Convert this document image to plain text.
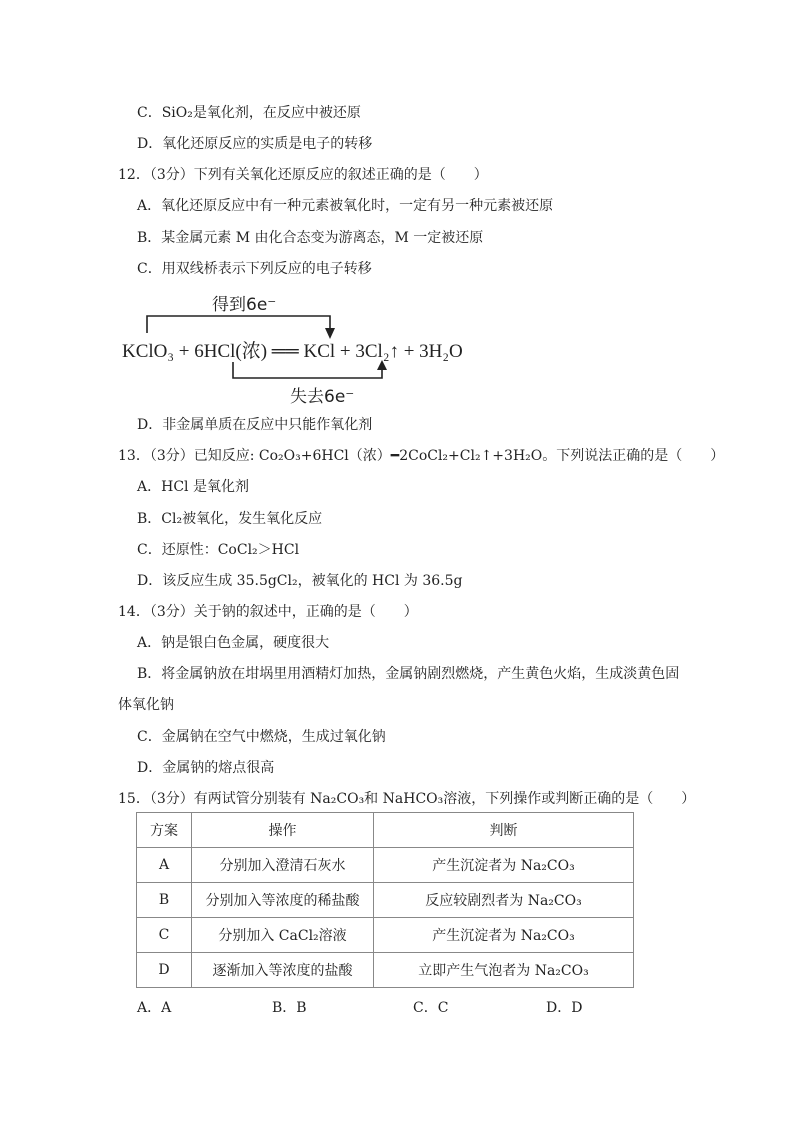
C．SiO₂是氧化剂，在反应中被还原
D．氧化还原反应的实质是电子的转移
12．（3分）下列有关氧化还原反应的叙述正确的是（　　）
A．氧化还原反应中有一种元素被氧化时，一定有另一种元素被还原
B．某金属元素 M 由化合态变为游离态，M 一定被还原
C．用双线桥表示下列反应的电子转移
得到6e⁻
KClO₃ + 6HCl(浓) ══ KCl + 3Cl₂↑ + 3H₂O
失去6e⁻
D．非金属单质在反应中只能作氧化剂
13．（3分）已知反应: Co₂O₃+6HCl（浓）━2CoCl₂+Cl₂↑+3H₂O。下列说法正确的是（　　）
A．HCl 是氧化剂
B．Cl₂被氧化，发生氧化反应
C．还原性：CoCl₂＞HCl
D．该反应生成 35.5gCl₂，被氧化的 HCl 为 36.5g
14．（3分）关于钠的叙述中，正确的是（　　）
A．钠是银白色金属，硬度很大
B．将金属钠放在坩埚里用酒精灯加热，金属钠剧烈燃烧，产生黄色火焰，生成淡黄色固
体氧化钠
C．金属钠在空气中燃烧，生成过氧化钠
D．金属钠的熔点很高
15．（3分）有两试管分别装有 Na₂CO₃和 NaHCO₃溶液，下列操作或判断正确的是（　　）
方案	操作	判断
A	分别加入澄清石灰水	产生沉淀者为 Na₂CO₃
B	分别加入等浓度的稀盐酸	反应较剧烈者为 Na₂CO₃
C	分别加入 CaCl₂溶液	产生沉淀者为 Na₂CO₃
D	逐渐加入等浓度的盐酸	立即产生气泡者为 Na₂CO₃
A．A	B．B	C．C	D．D
